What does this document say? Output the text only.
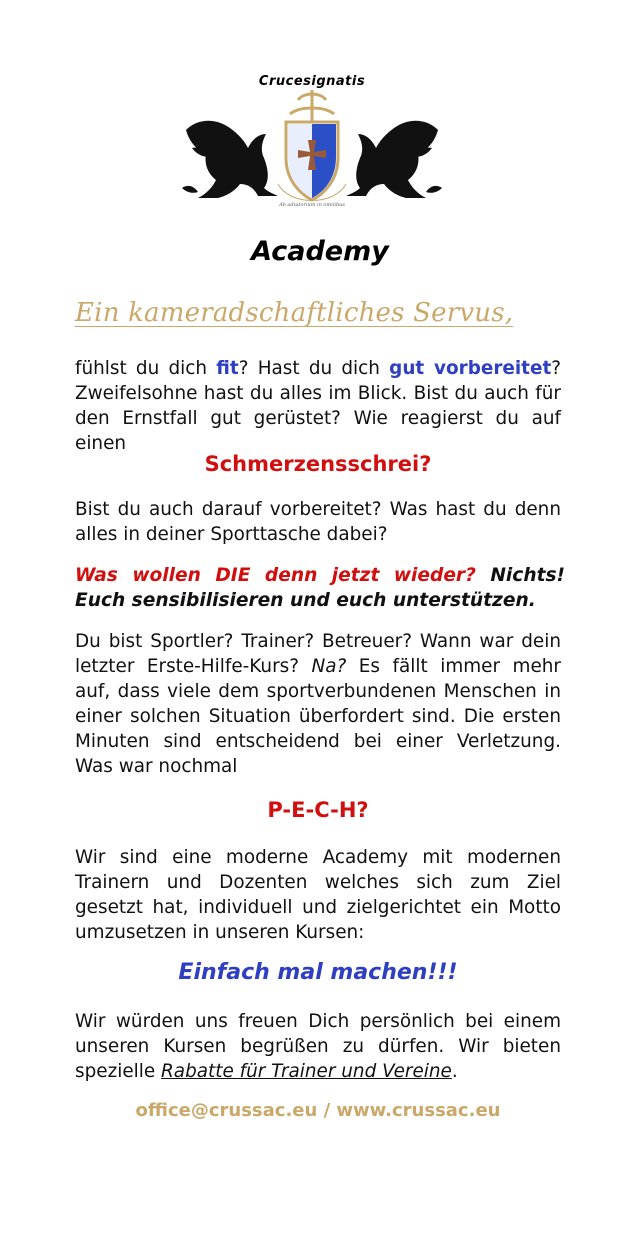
Crucesignatis
Ab adiutorium in omnibus
Academy
Ein kameradschaftliches Servus,
fühlst du dich fit? Hast du dich gut vorbereitet? Zweifelsohne hast du alles im Blick. Bist du auch für den Ernstfall gut gerüstet? Wie reagierst du auf einen
Schmerzensschrei?
Bist du auch darauf vorbereitet? Was hast du denn alles in deiner Sporttasche dabei?
Was wollen DIE denn jetzt wieder? Nichts! Euch sensibilisieren und euch unterstützen.
Du bist Sportler? Trainer? Betreuer? Wann war dein letzter Erste-Hilfe-Kurs? Na? Es fällt immer mehr auf, dass viele dem sportverbundenen Menschen in einer solchen Situation überfordert sind. Die ersten Minuten sind entscheidend bei einer Verletzung. Was war nochmal
P-E-C-H?
Wir sind eine moderne Academy mit modernen Trainern und Dozenten welches sich zum Ziel gesetzt hat, individuell und zielgerichtet ein Motto umzusetzen in unseren Kursen:
Einfach mal machen!!!
Wir würden uns freuen Dich persönlich bei einem unseren Kursen begrüßen zu dürfen. Wir bieten spezielle Rabatte für Trainer und Vereine.
office@crussac.eu / www.crussac.eu
